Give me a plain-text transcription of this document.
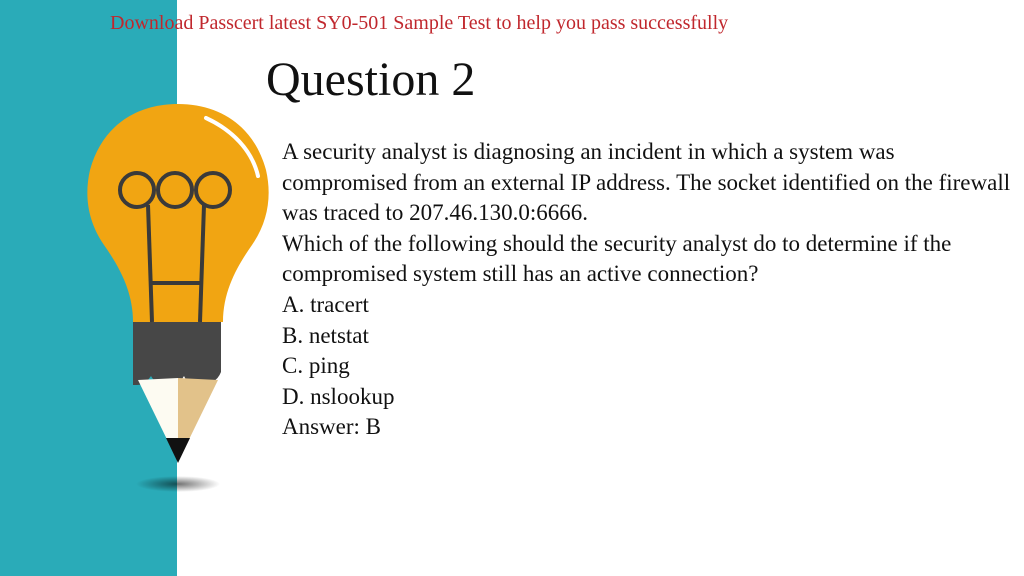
Download Passcert latest SY0-501 Sample Test to help you pass successfully
Question 2

A security analyst is diagnosing an incident in which a system was compromised from an external IP address. The socket identified on the firewall was traced to 207.46.130.0:6666.

Which of the following should the security analyst do to determine if the compromised system still has an active connection?

A. tracert

B. netstat

C. ping

D. nslookup

Answer: B
